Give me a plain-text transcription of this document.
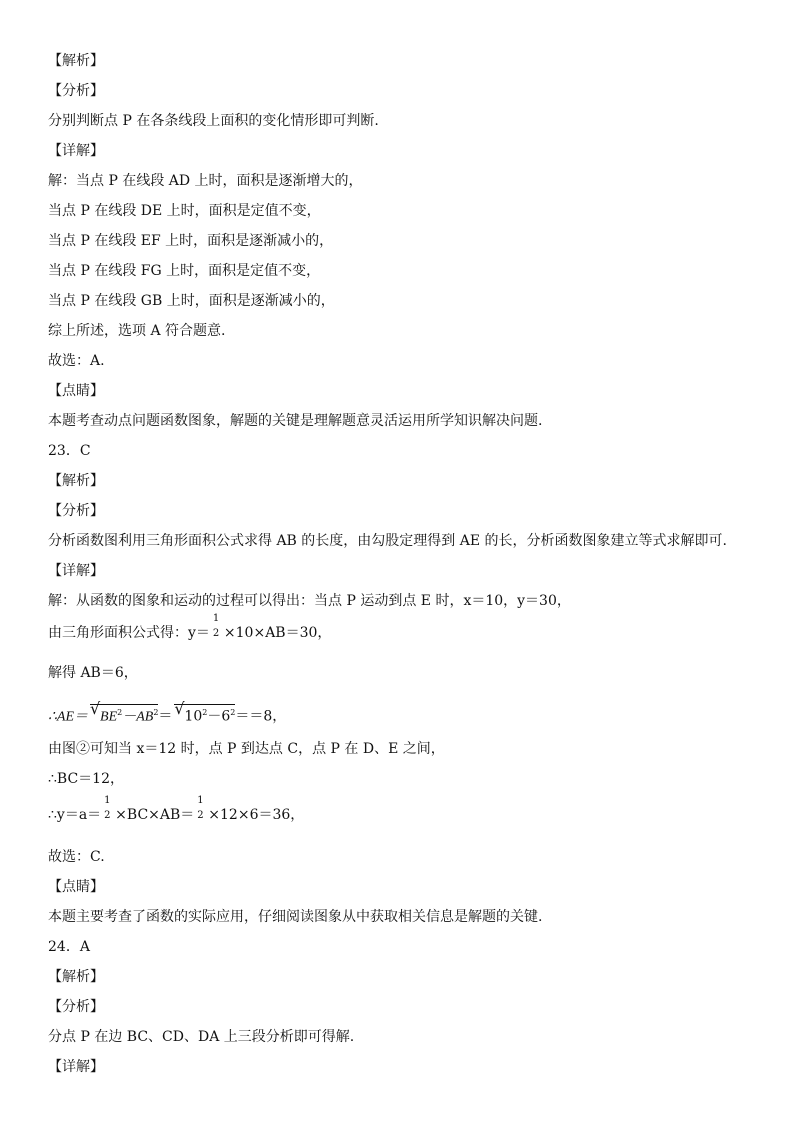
【解析】
【分析】
分别判断点 P 在各条线段上面积的变化情形即可判断.
【详解】
解：当点 P 在线段 AD 上时，面积是逐渐增大的，
当点 P 在线段 DE 上时，面积是定值不变，
当点 P 在线段 EF 上时，面积是逐渐减小的，
当点 P 在线段 FG 上时，面积是定值不变，
当点 P 在线段 GB 上时，面积是逐渐减小的，
综上所述，选项 A 符合题意.
故选：A.
【点睛】
本题考查动点问题函数图象，解题的关键是理解题意灵活运用所学知识解决问题.
23．C
【解析】
【分析】
分析函数图利用三角形面积公式求得 AB 的长度，由勾股定理得到 AE 的长，分析函数图象建立等式求解即可.
【详解】
解：从函数的图象和运动的过程可以得出：当点 P 运动到点 E 时，x＝10，y＝30，
由三角形面积公式得：y＝
1
2 ×10×AB＝30，
解得 AB＝6，
∴AE＝ √ $BE^2-AB^2=$ √ $10^2-6^2==8$，
由图②可知当 x＝12 时，点 P 到达点 C，点 P 在 D、E 之间，
∴BC＝12，
∴y＝a＝
1
2 ×BC×AB＝
1
2 ×12×6＝36，
故选：C.
【点睛】
本题主要考查了函数的实际应用，仔细阅读图象从中获取相关信息是解题的关键.
24．A
【解析】
【分析】
分点 P 在边 BC、CD、DA 上三段分析即可得解.
【详解】
